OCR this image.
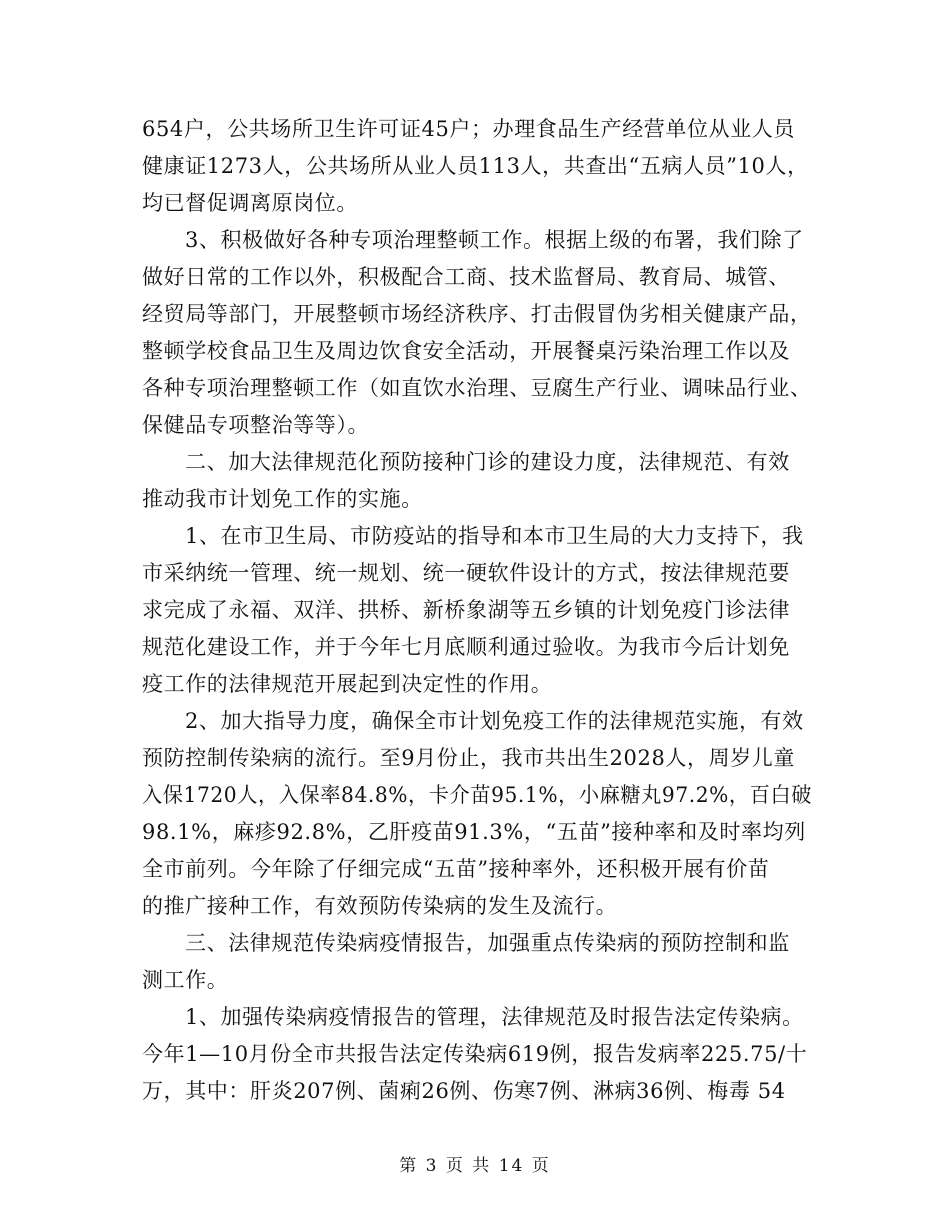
654户，公共场所卫生许可证45户；办理食品生产经营单位从业人员
健康证1273人，公共场所从业人员113人，共查出“五病人员”10人，
均已督促调离原岗位。
3、积极做好各种专项治理整顿工作。根据上级的布署，我们除了
做好日常的工作以外，积极配合工商、技术监督局、教育局、城管、
经贸局等部门，开展整顿市场经济秩序、打击假冒伪劣相关健康产品，
整顿学校食品卫生及周边饮食安全活动，开展餐桌污染治理工作以及
各种专项治理整顿工作（如直饮水治理、豆腐生产行业、调味品行业、
保健品专项整治等等）。
二、加大法律规范化预防接种门诊的建设力度，法律规范、有效
推动我市计划免工作的实施。
1、在市卫生局、市防疫站的指导和本市卫生局的大力支持下，我
市采纳统一管理、统一规划、统一硬软件设计的方式，按法律规范要
求完成了永福、双洋、拱桥、新桥象湖等五乡镇的计划免疫门诊法律
规范化建设工作，并于今年七月底顺利通过验收。为我市今后计划免
疫工作的法律规范开展起到决定性的作用。
2、加大指导力度，确保全市计划免疫工作的法律规范实施，有效
预防控制传染病的流行。至9月份止，我市共出生2028人，周岁儿童
入保1720人，入保率84.8%，卡介苗95.1%，小麻糖丸97.2%，百白破
98.1%，麻疹92.8%，乙肝疫苗91.3%，“五苗”接种率和及时率均列
全市前列。今年除了仔细完成“五苗”接种率外，还积极开展有价苗
的推广接种工作，有效预防传染病的发生及流行。
三、法律规范传染病疫情报告，加强重点传染病的预防控制和监
测工作。
1、加强传染病疫情报告的管理，法律规范及时报告法定传染病。
今年1—10月份全市共报告法定传染病619例，报告发病率225.75/十
万，其中：肝炎207例、菌痢26例、伤寒7例、淋病36例、梅毒 54
第 3 页 共 14 页
